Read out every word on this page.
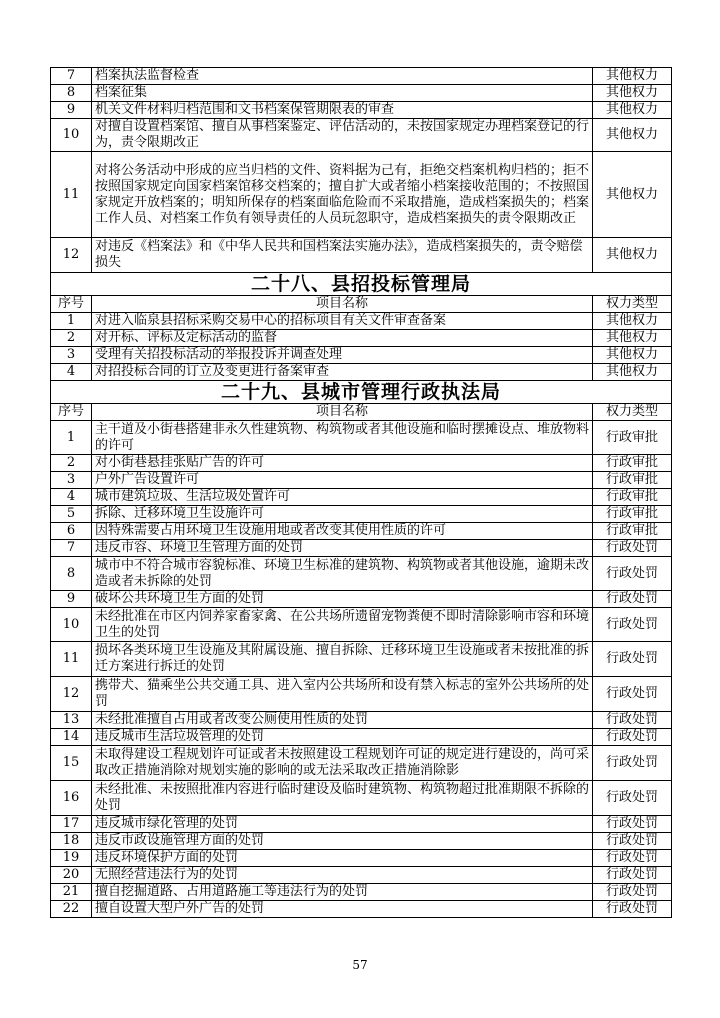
7	档案执法监督检查	其他权力
8	档案征集	其他权力
9	机关文件材料归档范围和文书档案保管期限表的审查	其他权力
10	对擅自设置档案馆、擅自从事档案鉴定、评估活动的，未按国家规定办理档案登记的行为，责令限期改正	其他权力
11	对将公务活动中形成的应当归档的文件、资料据为己有，拒绝交档案机构归档的；拒不按照国家规定向国家档案馆移交档案的；擅自扩大或者缩小档案接收范围的；不按照国家规定开放档案的；明知所保存的档案面临危险而不采取措施，造成档案损失的；档案工作人员、对档案工作负有领导责任的人员玩忽职守，造成档案损失的责令限期改正	其他权力
12	对违反《档案法》和《中华人民共和国档案法实施办法》，造成档案损失的，责令赔偿损失	其他权力
二十八、县招投标管理局		
序号	项目名称	权力类型
1	对进入临泉县招标采购交易中心的招标项目有关文件审查备案	其他权力
2	对开标、评标及定标活动的监督	其他权力
3	受理有关招投标活动的举报投诉并调查处理	其他权力
4	对招投标合同的订立及变更进行备案审查	其他权力
二十九、县城市管理行政执法局		
序号	项目名称	权力类型
1	主干道及小街巷搭建非永久性建筑物、构筑物或者其他设施和临时摆摊设点、堆放物料的许可	行政审批
2	对小街巷悬挂张贴广告的许可	行政审批
3	户外广告设置许可	行政审批
4	城市建筑垃圾、生活垃圾处置许可	行政审批
5	拆除、迁移环境卫生设施许可	行政审批
6	因特殊需要占用环境卫生设施用地或者改变其使用性质的许可	行政审批
7	违反市容、环境卫生管理方面的处罚	行政处罚
8	城市中不符合城市容貌标准、环境卫生标准的建筑物、构筑物或者其他设施，逾期未改造或者未拆除的处罚	行政处罚
9	破坏公共环境卫生方面的处罚	行政处罚
10	未经批准在市区内饲养家畜家禽、在公共场所遗留宠物粪便不即时清除影响市容和环境卫生的处罚	行政处罚
11	损坏各类环境卫生设施及其附属设施、擅自拆除、迁移环境卫生设施或者未按批准的拆迁方案进行拆迁的处罚	行政处罚
12	携带犬、猫乘坐公共交通工具、进入室内公共场所和设有禁入标志的室外公共场所的处罚	行政处罚
13	未经批准擅自占用或者改变公厕使用性质的处罚	行政处罚
14	违反城市生活垃圾管理的处罚	行政处罚
15	未取得建设工程规划许可证或者未按照建设工程规划许可证的规定进行建设的，尚可采取改正措施消除对规划实施的影响的或无法采取改正措施消除影	行政处罚
16	未经批准、未按照批准内容进行临时建设及临时建筑物、构筑物超过批准期限不拆除的处罚	行政处罚
17	违反城市绿化管理的处罚	行政处罚
18	违反市政设施管理方面的处罚	行政处罚
19	违反环境保护方面的处罚	行政处罚
20	无照经营违法行为的处罚	行政处罚
21	擅自挖掘道路、占用道路施工等违法行为的处罚	行政处罚
22	擅自设置大型户外广告的处罚	行政处罚
57
